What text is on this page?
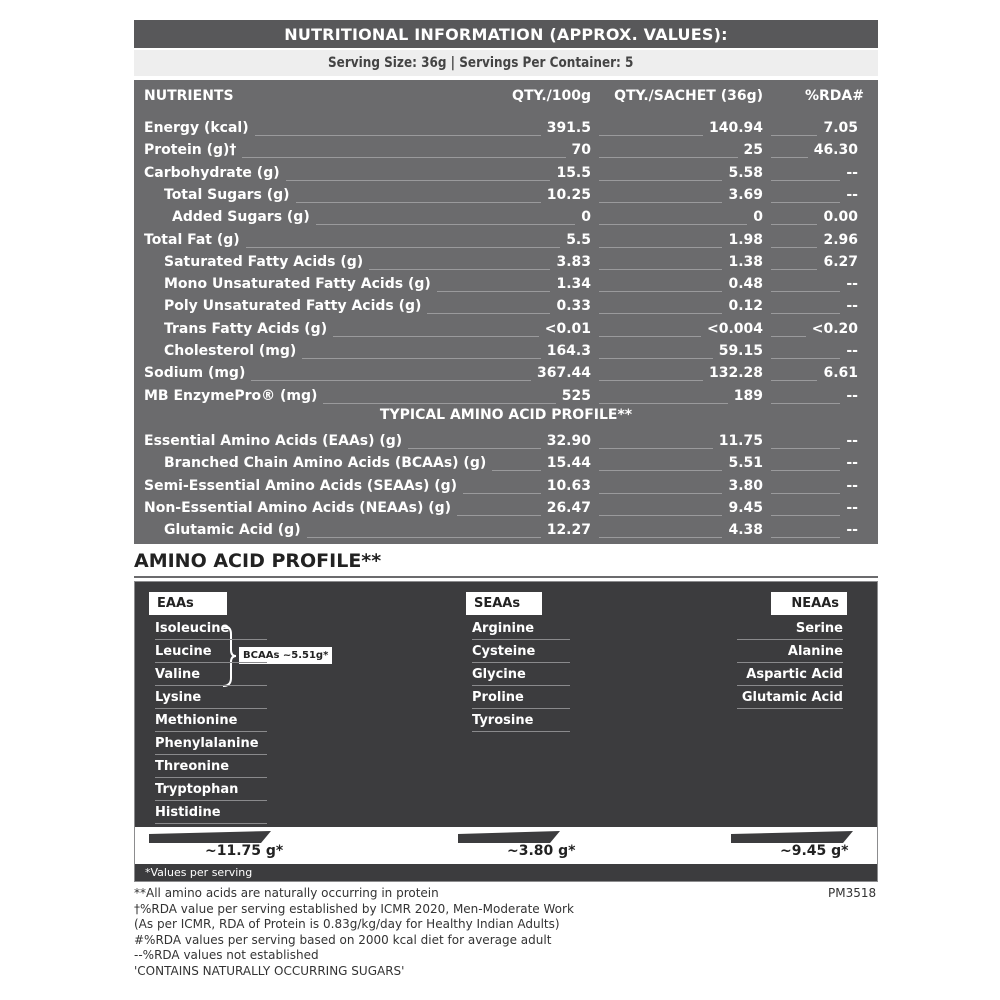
NUTRITIONAL INFORMATION (APPROX. VALUES):
Serving Size: 36g | Servings Per Container: 5
NUTRIENTS	QTY./100g QTY./SACHET (36g)	%RDA#
TYPICAL AMINO ACID PROFILE**
Energy (kcal)	391.5	140.94	7.05
Protein (g)†	70	25	46.30
Carbohydrate (g)	15.5	5.58	--
Total Sugars (g)	10.25	3.69	--
Added Sugars (g)	0	0	0.00
Total Fat (g)	5.5	1.98	2.96
Saturated Fatty Acids (g)	3.83	1.38	6.27
Mono Unsaturated Fatty Acids (g)	1.34	0.48	--
Poly Unsaturated Fatty Acids (g)	0.33	0.12	--
Trans Fatty Acids (g)	<0.01	<0.004	<0.20
Cholesterol (mg)	164.3	59.15	--
Sodium (mg)	367.44	132.28	6.61
MB EnzymePro® (mg)	525	189	--
Essential Amino Acids (EAAs) (g)	32.90	11.75	--
Branched Chain Amino Acids (BCAAs) (g)	15.44	5.51	--
Semi-Essential Amino Acids (SEAAs) (g)	10.63	3.80	--
Non-Essential Amino Acids (NEAAs) (g)	26.47	9.45	--
Glutamic Acid (g)	12.27	4.38	--
AMINO ACID PROFILE**
EAAs	SEAAs	NEAAs
BCAAs ~5.51g*
~11.75 g*	~3.80 g*	~9.45 g*
*Values per serving
Isoleucine
Leucine
Valine
Lysine
Methionine
Phenylalanine
Threonine
Tryptophan
Histidine
Arginine
Cysteine
Glycine
Proline
Tyrosine
Serine
Alanine
Aspartic Acid
Glutamic Acid
**All amino acids are naturally occurring in protein
†%RDA value per serving established by ICMR 2020, Men-Moderate Work
(As per ICMR, RDA of Protein is 0.83g/kg/day for Healthy Indian Adults)
#%RDA values per serving based on 2000 kcal diet for average adult
--%RDA values not established
'CONTAINS NATURALLY OCCURRING SUGARS'
PM3518
